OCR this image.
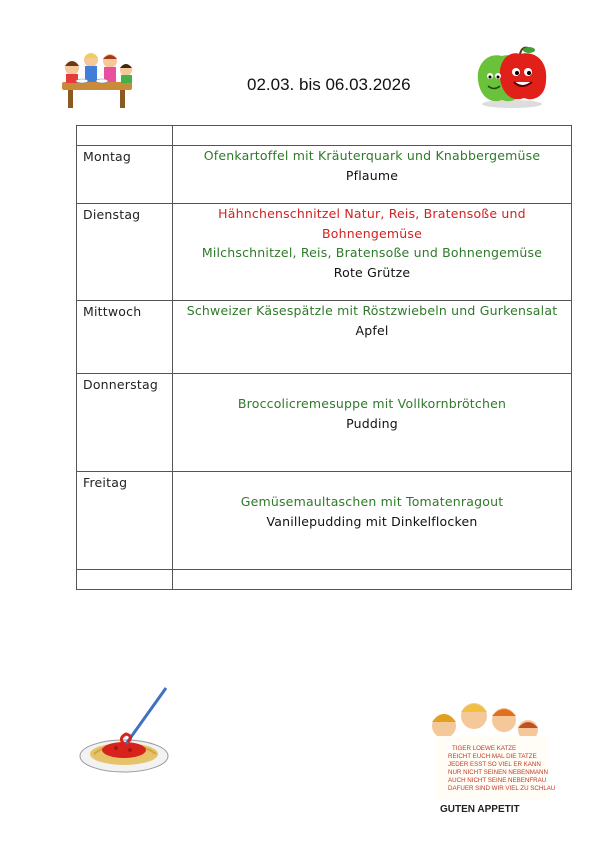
02.03. bis 06.03.2026

Montag	Ofenkartoffel mit Kräuterquark und Knabbergemüse
Pflaume

Dienstag	Hähnchenschnitzel Natur, Reis, Bratensoße und
Bohnengemüse
Milchschnitzel, Reis, Bratensoße und Bohnengemüse
Rote Grütze

Mittwoch	Schweizer Käsespätzle mit Röstzwiebeln und Gurkensalat
Apfel

Donnerstag	Broccolicremesuppe mit Vollkornbrötchen
Pudding

Freitag	Gemüsemaultaschen mit Tomatenragout
Vanillepudding mit Dinkelflocken

TIGER LOEWE KATZE
REICHT EUCH MAL DIE TATZE
JEDER ESST SO VIEL ER KANN
NUR NICHT SEINEN NEBENMANN
AUCH NICHT SEINE NEBENFRAU
DAFUER SIND WIR VIEL ZU SCHLAU
GUTEN APPETIT
